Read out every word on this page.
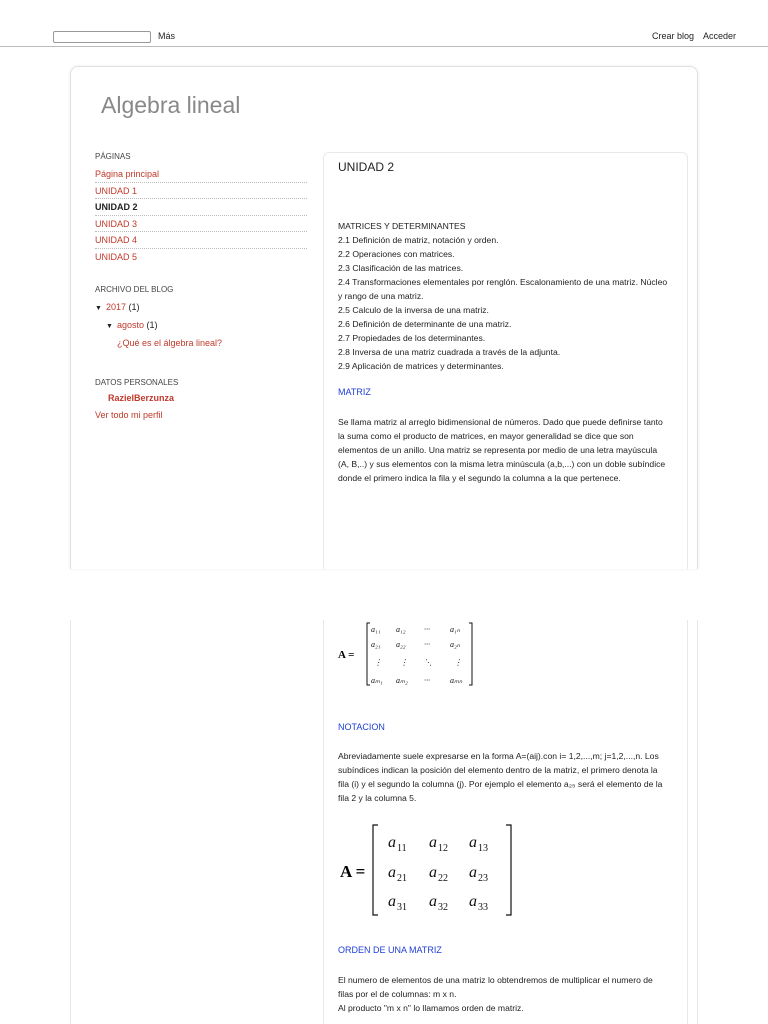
Más	Crear blog Acceder
Algebra lineal
PÁGINAS
Página principal
UNIDAD 1
UNIDAD 2
UNIDAD 3
UNIDAD 4
UNIDAD 5
ARCHIVO DEL BLOG
▼ 2017 (1)
▼ agosto (1)
¿Qué es el álgebra lineal?
DATOS PERSONALES
RazielBerzunza
Ver todo mi perfil
UNIDAD 2

MATRICES Y DETERMINANTES

2.1 Definición de matriz, notación y orden.

2.2 Operaciones con matrices.

2.3 Clasificación de las matrices.

2.4 Transformaciones elementales por renglón. Escalonamiento de una matriz. Núcleo y rango de una matriz.

2.5 Calculo de la inversa de una matriz.

2.6 Definición de determinante de una matriz.

2.7 Propiedades de los determinantes.

2.8 Inversa de una matriz cuadrada a través de la adjunta.

2.9 Aplicación de matrices y determinantes.

MATRIZ

Se llama matriz al arreglo bidimensional de números. Dado que puede definirse tanto la suma como el producto de matrices, en mayor generalidad se dice que son elementos de un anillo. Una matriz se representa por medio de una letra mayúscula (A, B,..) y sus elementos con la misma letra minúscula (a,b,...) con un doble subíndice donde el primero indica la fila y el segundo la columna a la que pertenece.

A =
a₁₁ a₁₂ ···	a₁ₙ
a₂₁ a₂₂ ···	a₂ₙ
⋮ ⋮ ⋱	⋮
aₘ₁ aₘ₂ ···	aₘₙ
NOTACION

Abreviadamente suele expresarse en la forma A=(aij).con i= 1,2,...,m; j=1,2,...,n. Los subíndices indican la posición del elemento dentro de la matriz, el primero denota la fila (i) y el segundo la columna (j). Por ejemplo el elemento a₂₅ será el elemento de la fila 2 y la columna 5.

A =
a 11 a 12 a 13
a 21 a 22 a 23
a 31 a 32 a 33
ORDEN DE UNA MATRIZ

El numero de elementos de una matriz lo obtendremos de multiplicar el numero de filas por el de columnas: m x n.

Al producto "m x n" lo llamamos orden de matriz.
